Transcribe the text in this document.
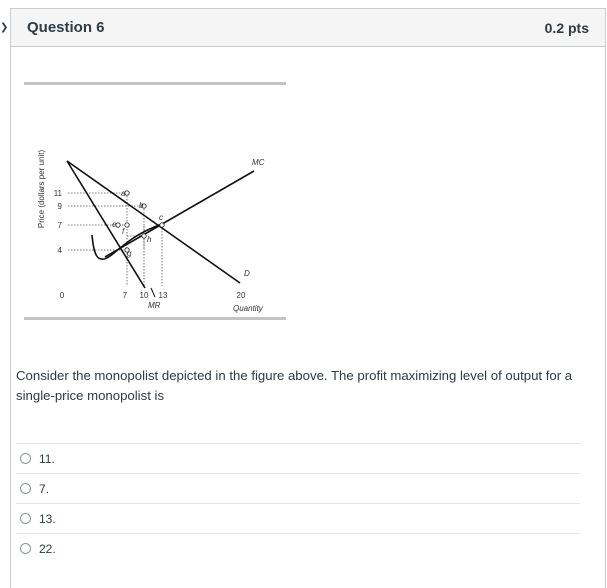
❯ Question 6	0.2 pts
Price (dollars per unit)	a
b
c
e
f
g
h
11
9
7
4
0	7 10 13	20
MC
MR
D
Quantity
Consider the monopolist depicted in the figure above. The profit maximizing level of output for a single-price monopolist is
11.
7.
13.
22.
